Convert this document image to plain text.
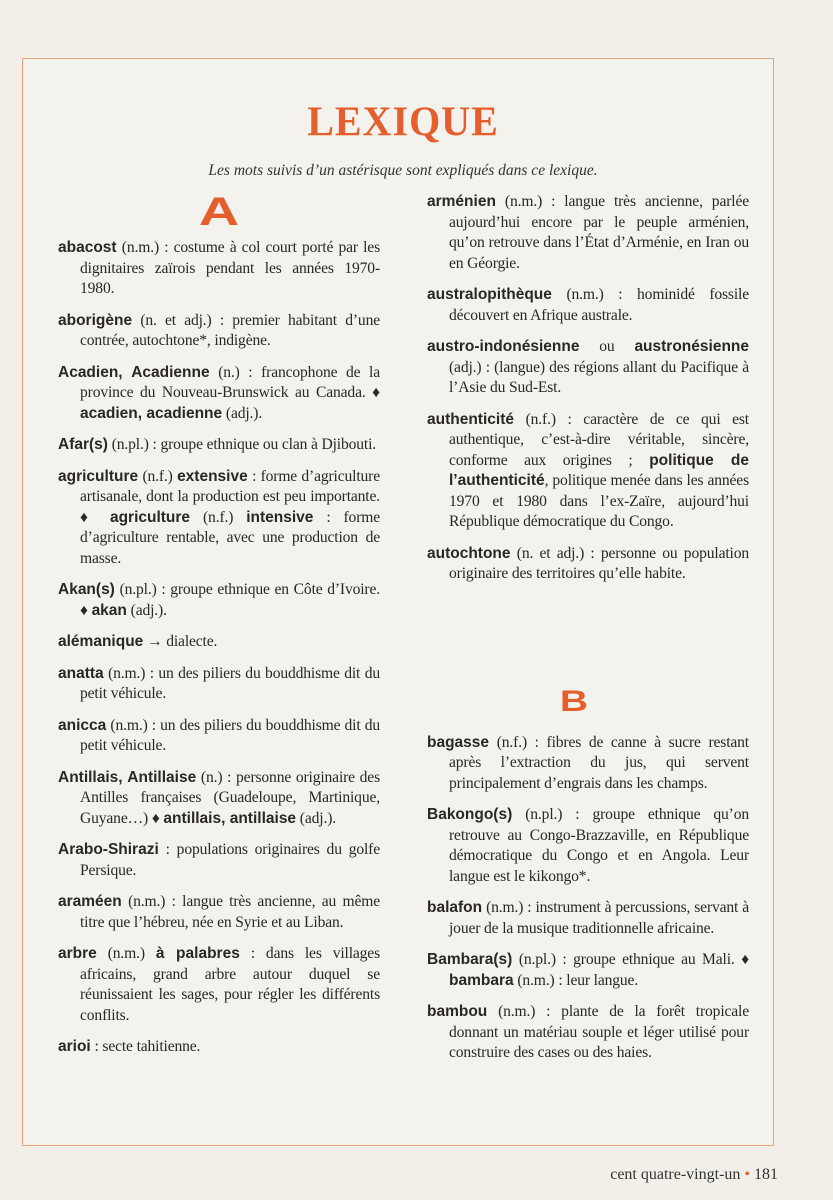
LEXIQUE
Les mots suivis d’un astérisque sont expliqués dans ce lexique.
A

abacost (n.m.) : costume à col court porté par les dignitaires zaïrois pendant les années 1970-1980.

aborigène (n. et adj.) : premier habitant d’une contrée, autochtone*, indigène.

Acadien, Acadienne (n.) : francophone de la province du Nouveau-Brunswick au Canada. ♦ acadien, acadienne (adj.).

Afar(s) (n.pl.) : groupe ethnique ou clan à Djibouti.

agriculture (n.f.) extensive : forme d’agriculture artisanale, dont la production est peu importante. ♦ agriculture (n.f.) intensive : forme d’agriculture rentable, avec une production de masse.

Akan(s) (n.pl.) : groupe ethnique en Côte d’Ivoire. ♦ akan (adj.).

alémanique → dialecte.

anatta (n.m.) : un des piliers du bouddhisme dit du petit véhicule.

anicca (n.m.) : un des piliers du bouddhisme dit du petit véhicule.

Antillais, Antillaise (n.) : personne originaire des Antilles françaises (Guadeloupe, Martinique, Guyane…) ♦ antillais, antillaise (adj.).

Arabo-Shirazi : populations originaires du golfe Persique.

araméen (n.m.) : langue très ancienne, au même titre que l’hébreu, née en Syrie et au Liban.

arbre (n.m.) à palabres : dans les villages africains, grand arbre autour duquel se réunissaient les sages, pour régler les différents conflits.

arioi : secte tahitienne.

arménien (n.m.) : langue très ancienne, parlée aujourd’hui encore par le peuple arménien, qu’on retrouve dans l’État d’Arménie, en Iran ou en Géorgie.

australopithèque (n.m.) : hominidé fossile découvert en Afrique australe.

austro-indonésienne ou austronésienne (adj.) : (langue) des régions allant du Pacifique à l’Asie du Sud-Est.

authenticité (n.f.) : caractère de ce qui est authentique, c’est-à-dire véritable, sincère, conforme aux origines ; politique de l’authenticité, politique menée dans les années 1970 et 1980 dans l’ex-Zaïre, aujourd’hui République démocratique du Congo.

autochtone (n. et adj.) : personne ou population originaire des territoires qu’elle habite.

B

bagasse (n.f.) : fibres de canne à sucre restant après l’extraction du jus, qui servent principalement d’engrais dans les champs.

Bakongo(s) (n.pl.) : groupe ethnique qu’on retrouve au Congo-Brazzaville, en République démocratique du Congo et en Angola. Leur langue est le kikongo*.

balafon (n.m.) : instrument à percussions, servant à jouer de la musique traditionnelle africaine.

Bambara(s) (n.pl.) : groupe ethnique au Mali. ♦ bambara (n.m.) : leur langue.

bambou (n.m.) : plante de la forêt tropicale donnant un matériau souple et léger utilisé pour construire des cases ou des haies.

cent quatre-vingt-un • 181
